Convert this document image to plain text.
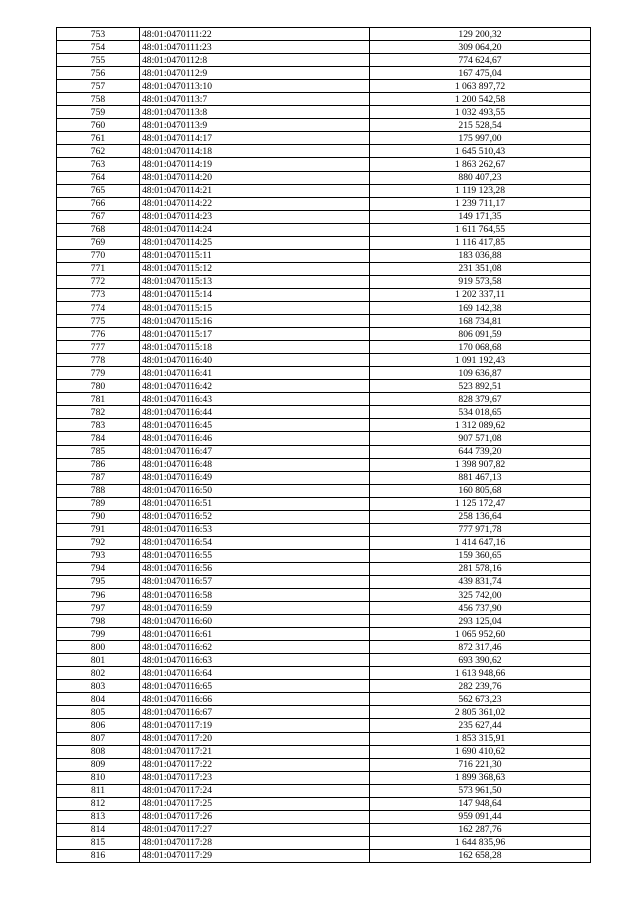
753	48:01:0470111:22	129 200,32
754	48:01:0470111:23	309 064,20
755	48:01:0470112:8	774 624,67
756	48:01:0470112:9	167 475,04
757	48:01:0470113:10	1 063 897,72
758	48:01:0470113:7	1 200 542,58
759	48:01:0470113:8	1 032 493,55
760	48:01:0470113:9	215 528,54
761	48:01:0470114:17	175 997,00
762	48:01:0470114:18	1 645 510,43
763	48:01:0470114:19	1 863 262,67
764	48:01:0470114:20	880 407,23
765	48:01:0470114:21	1 119 123,28
766	48:01:0470114:22	1 239 711,17
767	48:01:0470114:23	149 171,35
768	48:01:0470114:24	1 611 764,55
769	48:01:0470114:25	1 116 417,85
770	48:01:0470115:11	183 036,88
771	48:01:0470115:12	231 351,08
772	48:01:0470115:13	919 573,58
773	48:01:0470115:14	1 202 337,11
774	48:01:0470115:15	169 142,38
775	48:01:0470115:16	168 734,81
776	48:01:0470115:17	806 091,59
777	48:01:0470115:18	170 068,68
778	48:01:0470116:40	1 091 192,43
779	48:01:0470116:41	109 636,87
780	48:01:0470116:42	523 892,51
781	48:01:0470116:43	828 379,67
782	48:01:0470116:44	534 018,65
783	48:01:0470116:45	1 312 089,62
784	48:01:0470116:46	907 571,08
785	48:01:0470116:47	644 739,20
786	48:01:0470116:48	1 398 907,82
787	48:01:0470116:49	881 467,13
788	48:01:0470116:50	160 805,68
789	48:01:0470116:51	1 125 172,47
790	48:01:0470116:52	258 136,64
791	48:01:0470116:53	777 971,78
792	48:01:0470116:54	1 414 647,16
793	48:01:0470116:55	159 360,65
794	48:01:0470116:56	281 578,16
795	48:01:0470116:57	439 831,74
796	48:01:0470116:58	325 742,00
797	48:01:0470116:59	456 737,90
798	48:01:0470116:60	293 125,04
799	48:01:0470116:61	1 065 952,60
800	48:01:0470116:62	872 317,46
801	48:01:0470116:63	693 390,62
802	48:01:0470116:64	1 613 948,66
803	48:01:0470116:65	282 239,76
804	48:01:0470116:66	562 673,23
805	48:01:0470116:67	2 805 361,02
806	48:01:0470117:19	235 627,44
807	48:01:0470117:20	1 853 315,91
808	48:01:0470117:21	1 690 410,62
809	48:01:0470117:22	716 221,30
810	48:01:0470117:23	1 899 368,63
811	48:01:0470117:24	573 961,50
812	48:01:0470117:25	147 948,64
813	48:01:0470117:26	959 091,44
814	48:01:0470117:27	162 287,76
815	48:01:0470117:28	1 644 835,96
816	48:01:0470117:29	162 658,28
